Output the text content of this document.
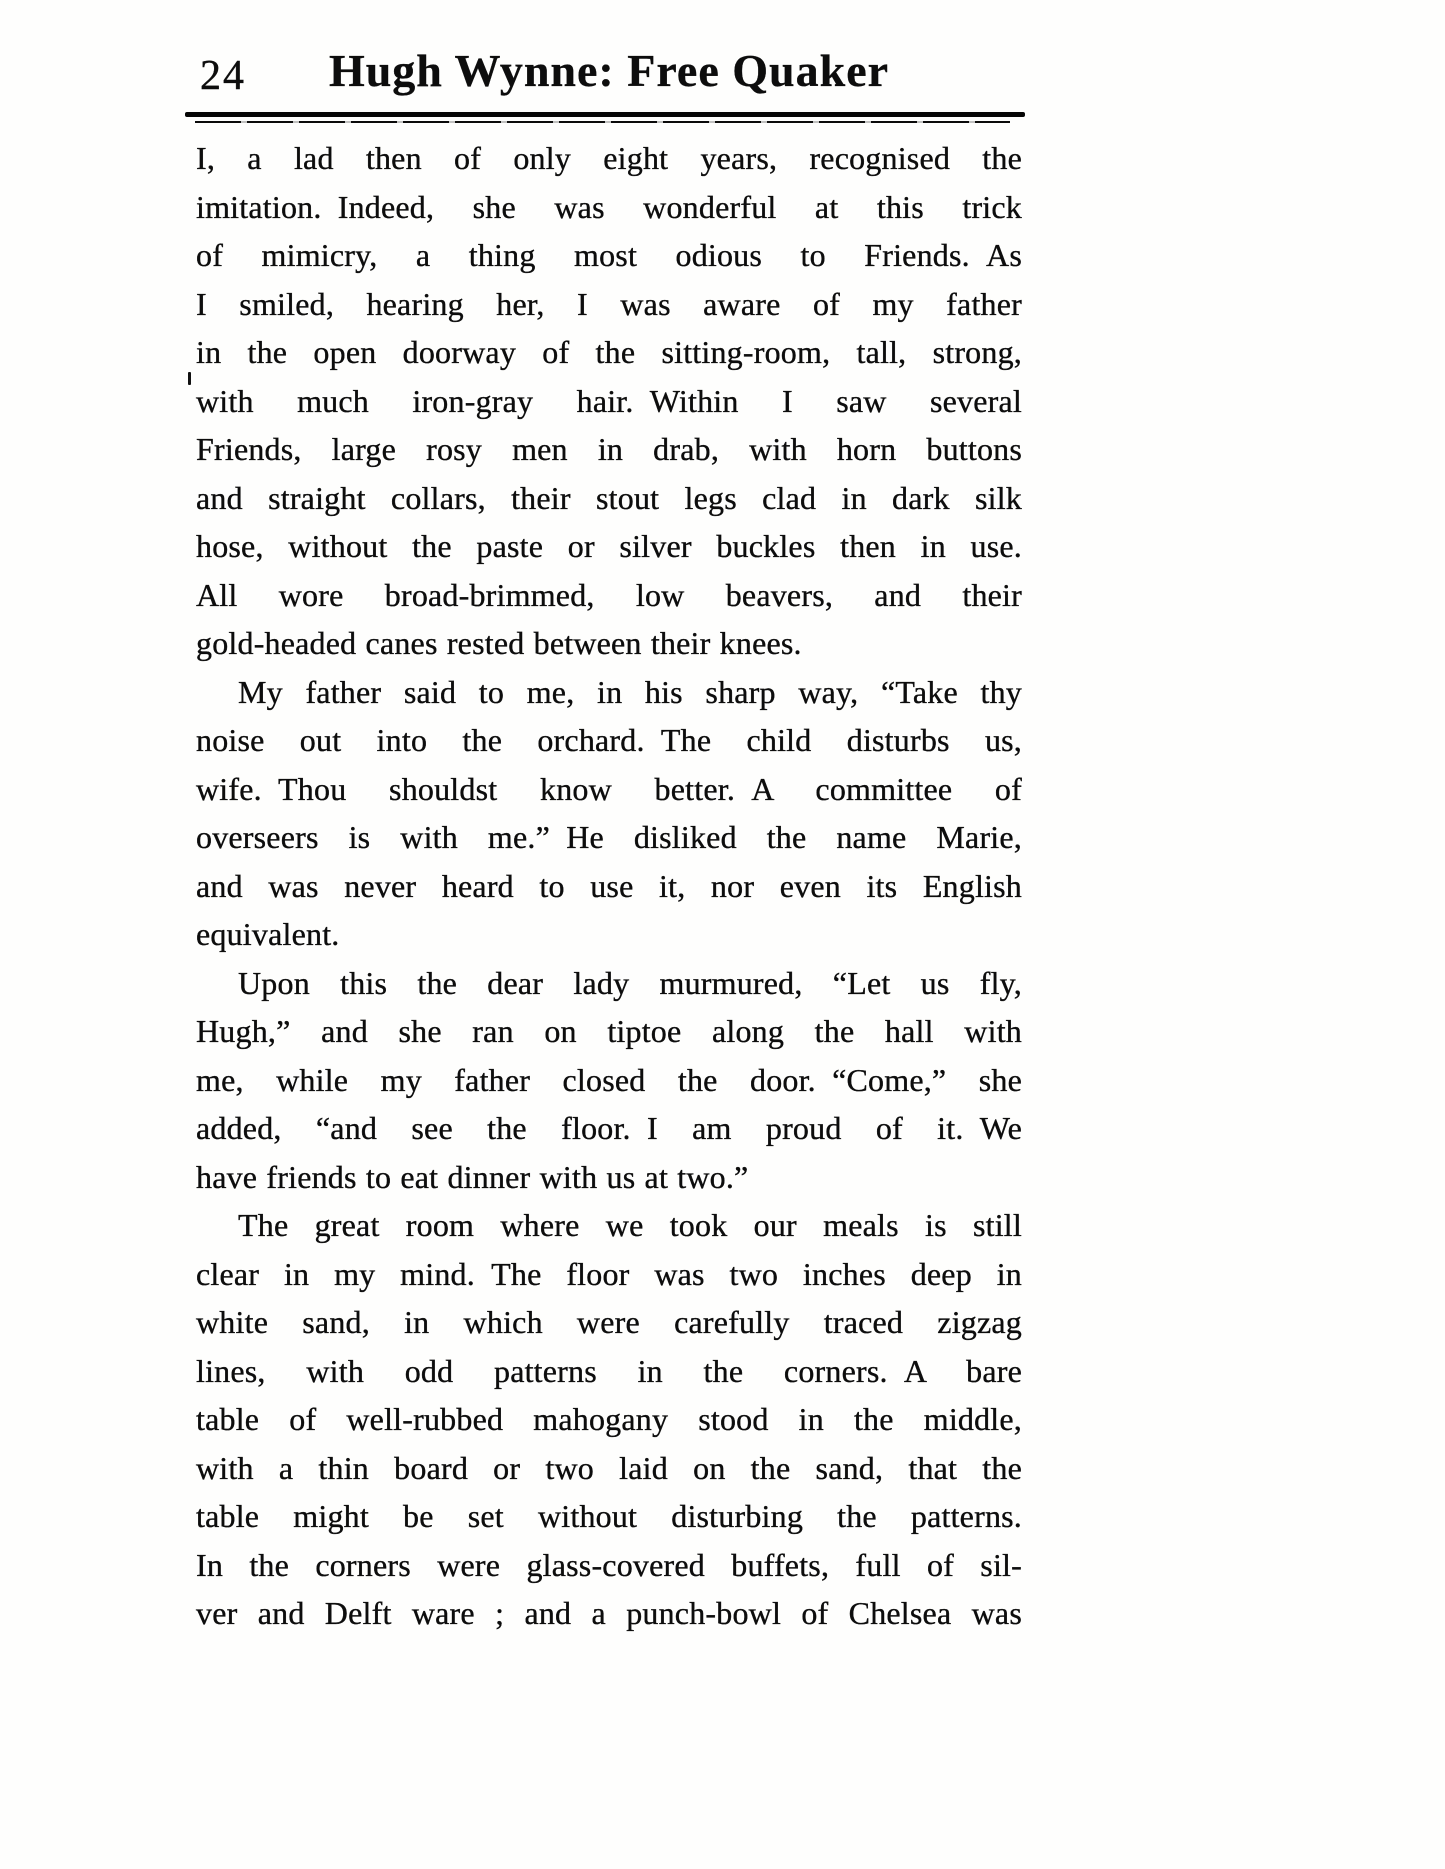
24	Hugh Wynne: Free Quaker
I, a lad then of only eight years, recognised the
imitation. Indeed, she was wonderful at this trick
of mimicry, a thing most odious to Friends. As
I smiled, hearing her, I was aware of my father
in the open doorway of the sitting-room, tall, strong,
with much iron-gray hair. Within I saw several
Friends, large rosy men in drab, with horn buttons
and straight collars, their stout legs clad in dark silk
hose, without the paste or silver buckles then in use.
All wore broad-brimmed, low beavers, and their
gold-headed canes rested between their knees.
My father said to me, in his sharp way, “Take thy
noise out into the orchard. The child disturbs us,
wife. Thou shouldst know better. A committee of
overseers is with me.” He disliked the name Marie,
and was never heard to use it, nor even its English
equivalent.
Upon this the dear lady murmured, “Let us fly,
Hugh,” and she ran on tiptoe along the hall with
me, while my father closed the door. “Come,” she
added, “and see the floor. I am proud of it. We
have friends to eat dinner with us at two.”
The great room where we took our meals is still
clear in my mind. The floor was two inches deep in
white sand, in which were carefully traced zigzag
lines, with odd patterns in the corners. A bare
table of well-rubbed mahogany stood in the middle,
with a thin board or two laid on the sand, that the
table might be set without disturbing the patterns.
In the corners were glass-covered buffets, full of sil-
ver and Delft ware ; and a punch-bowl of Chelsea was
